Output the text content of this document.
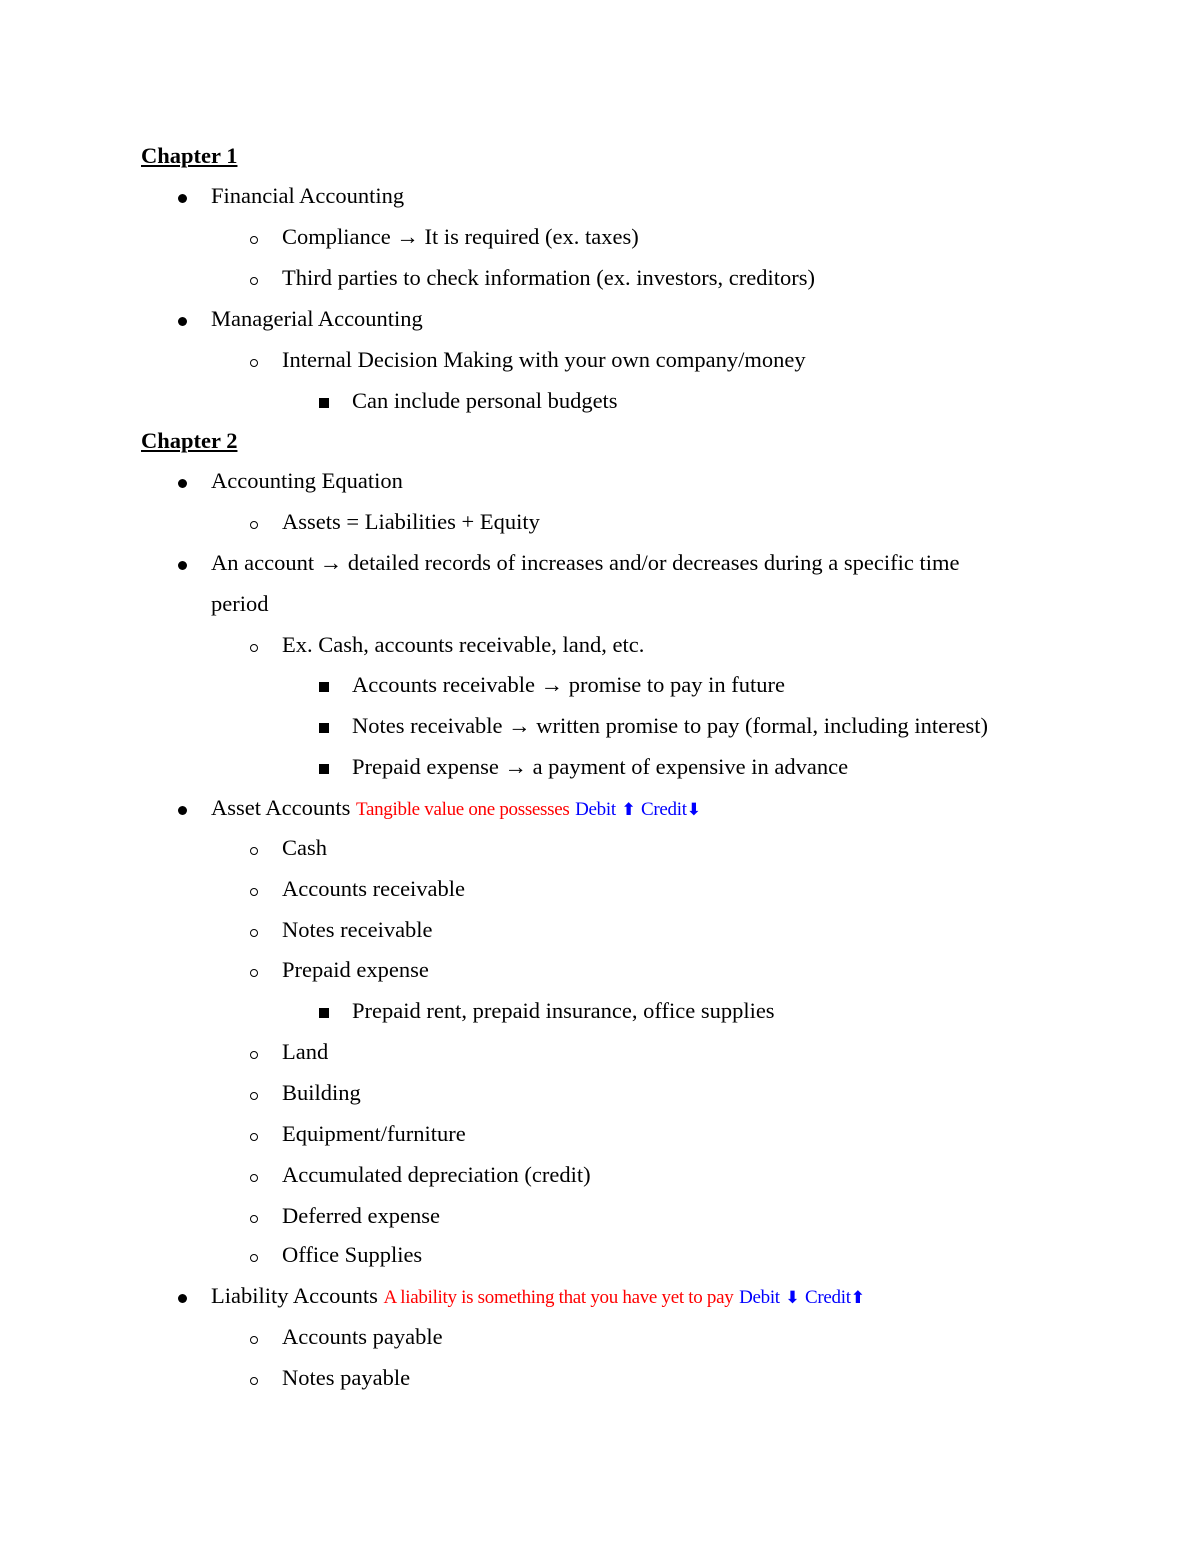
Chapter 1
Financial Accounting
Compliance → It is required (ex. taxes)
Third parties to check information (ex. investors, creditors)
Managerial Accounting
Internal Decision Making with your own company/money
Can include personal budgets
Chapter 2
Accounting Equation
Assets = Liabilities + Equity
An account → detailed records of increases and/or decreases during a specific time
period
Ex. Cash, accounts receivable, land, etc.
Accounts receivable → promise to pay in future
Notes receivable → written promise to pay (formal, including interest)
Prepaid expense → a payment of expensive in advance
Asset Accounts Tangible value one possesses Debit ⬆ Credit⬇
Cash
Accounts receivable
Notes receivable
Prepaid expense
Prepaid rent, prepaid insurance, office supplies
Land
Building
Equipment/furniture
Accumulated depreciation (credit)
Deferred expense
Office Supplies
Liability Accounts A liability is something that you have yet to pay Debit ⬇ Credit⬆
Accounts payable
Notes payable
